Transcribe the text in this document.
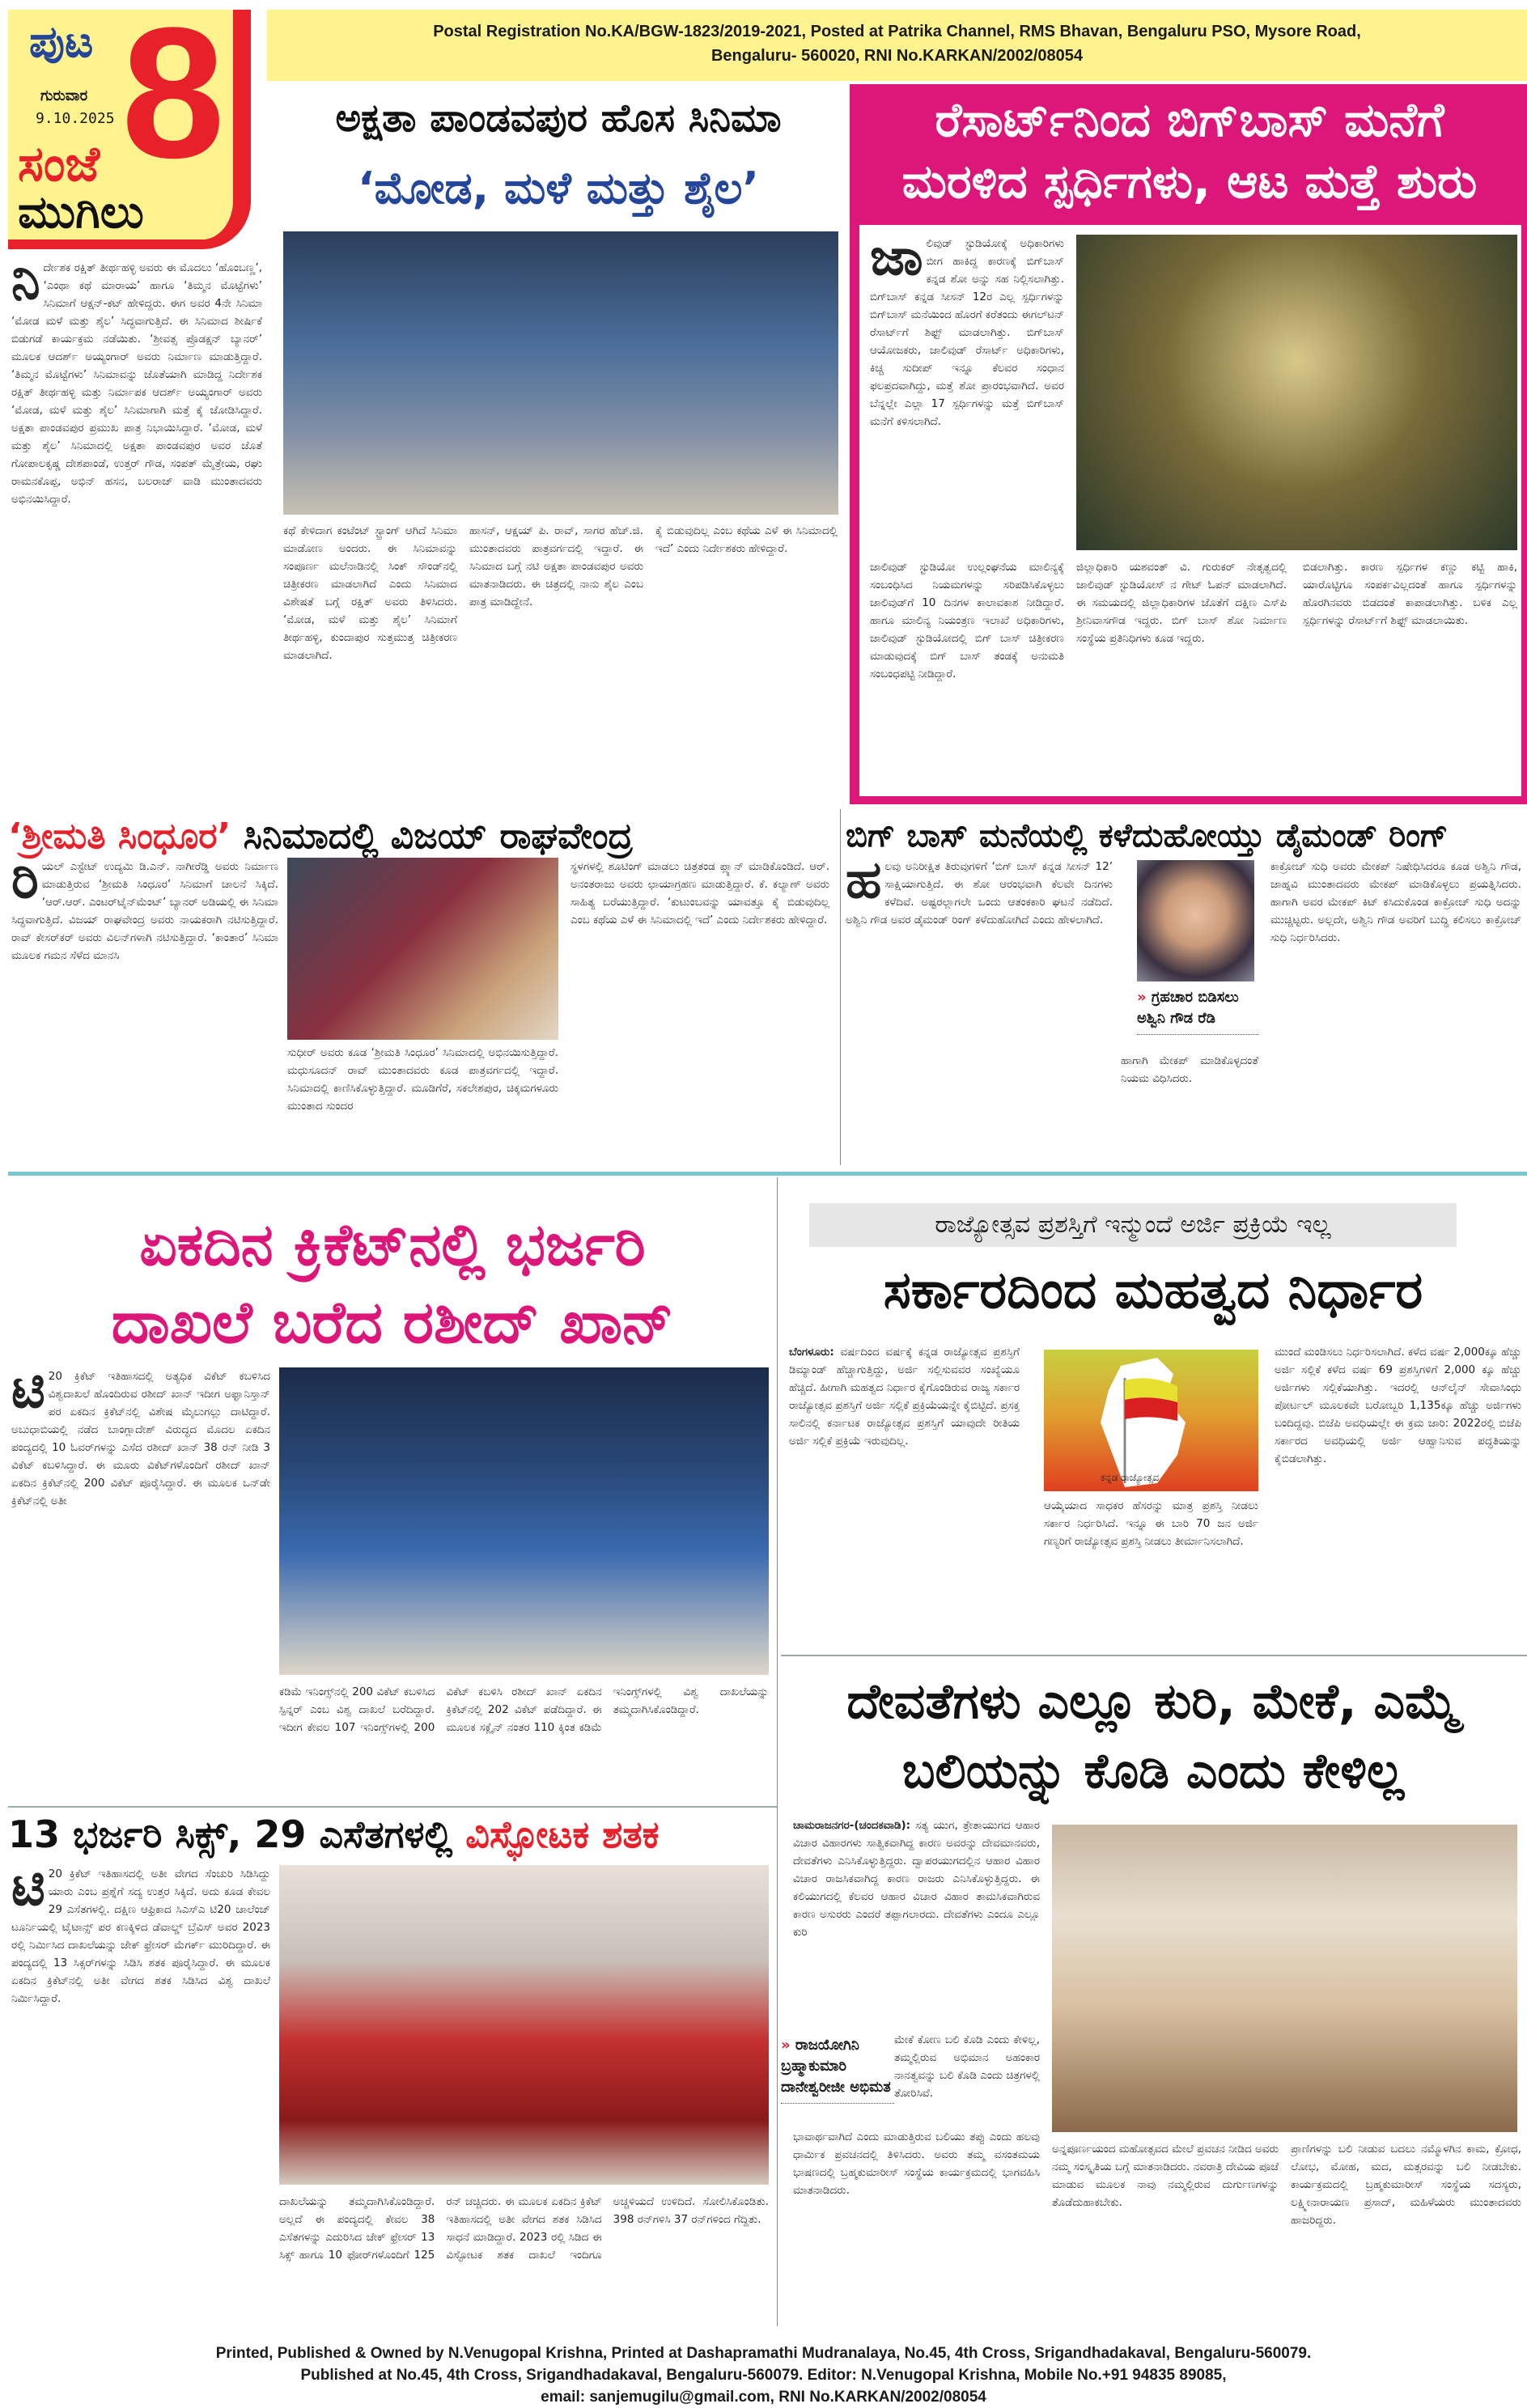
ಪುಟ 8
ಗುರುವಾರ
9.10.2025
ಸಂಜೆ
ಮುಗಿಲು
Postal Registration No.KA/BGW-1823/2019-2021, Posted at Patrika Channel, RMS Bhavan, Bengaluru PSO, Mysore Road,
Bengaluru- 560020, RNI No.KARKAN/2002/08054
ಅಕ್ಷತಾ ಪಾಂಡವಪುರ ಹೊಸ ಸಿನಿಮಾ
‘ಮೋಡ, ಮಳೆ ಮತ್ತು ಶೈಲ’
ನಿ ರ್ದೇಶಕ ರಕ್ಷಿತ್ ತೀರ್ಥಹಳ್ಳಿ ಅವರು ಈ ಮೊದಲು ‘ಹೊಂಬಣ್ಣ’, ‘ಎಂಥಾ ಕಥೆ ಮಾರಾಯ’ ಹಾಗೂ ‘ತಿಮ್ಮನ ಮೊಟ್ಟೆಗಳು’ ಸಿನಿಮಾಗೆ ಆಕ್ಷನ್-ಕಟ್ ಹೇಳಿದ್ದರು. ಈಗ ಅವರ 4ನೇ ಸಿನಿಮಾ ‘ಮೋಡ ಮಳೆ ಮತ್ತು ಶೈಲ’ ಸಿದ್ಧವಾಗುತ್ತಿದೆ. ಈ ಸಿನಿಮಾದ ಶೀರ್ಷಿಕೆ ಬಿಡುಗಡೆ ಕಾರ್ಯಕ್ರಮ ನಡೆಯಿತು. ‘ಶ್ರೀವತ್ಸ ಪ್ರೊಡಕ್ಷನ್ ಬ್ಯಾನರ್’ ಮೂಲಕ ಆದರ್ಶ್ ಅಯ್ಯಂಗಾರ್ ಅವರು ನಿರ್ಮಾಣ ಮಾಡುತ್ತಿದ್ದಾರೆ. ‘ತಿಮ್ಮನ ಮೊಟ್ಟೆಗಳು’ ಸಿನಿಮಾವನ್ನು ಜೊತೆಯಾಗಿ ಮಾಡಿದ್ದ ನಿರ್ದೇಶಕ ರಕ್ಷಿತ್ ತೀರ್ಥಹಳ್ಳಿ ಮತ್ತು ನಿರ್ಮಾಪಕ ಆದರ್ಶ್ ಅಯ್ಯಂಗಾರ್ ಅವರು ‘ಮೋಡ, ಮಳೆ ಮತ್ತು ಶೈಲ’ ಸಿನಿಮಾಗಾಗಿ ಮತ್ತೆ ಕೈ ಜೋಡಿಸಿದ್ದಾರೆ. ಅಕ್ಷತಾ ಪಾಂಡವಪುರ ಪ್ರಮುಖ ಪಾತ್ರ ನಿಭಾಯಿಸಿದ್ದಾರೆ. ‘ಮೋಡ, ಮಳೆ ಮತ್ತು ಶೈಲ’ ಸಿನಿಮಾದಲ್ಲಿ ಅಕ್ಷತಾ ಪಾಂಡವಪುರ ಅವರ ಜೊತೆ ಗೋಪಾಲಕೃಷ್ಣ ದೇಶಪಾಂಡೆ, ಉತ್ತರ್ ಗೌಡ, ಸಂಪತ್ ಮೈತ್ರೇಯ, ರಘು ರಾಮನಕೊಪ್ಪ, ಅಭಿನ್ ಹಸನ, ಬಲರಾಜ್ ವಾಡಿ ಮುಂತಾದವರು ಅಭಿನಯಿಸಿದ್ದಾರೆ.
ಕಥೆ ಕೇಳಿದಾಗ ಕಂಟೆಂಟ್ ಸ್ಟ್ರಾಂಗ್ ಆಗಿದೆ ಸಿನಿಮಾ ಮಾಡೋಣ ಅಂದರು. ಈ ಸಿನಿಮಾವನ್ನು ಸಂಪೂರ್ಣ ಮಲೆನಾಡಿನಲ್ಲಿ ಸಿಂಕ್ ಸೌಂಡ್‌ನಲ್ಲಿ ಚಿತ್ರೀಕರಣ ಮಾಡಲಾಗಿದೆ ಎಂದು ಸಿನಿಮಾದ ವಿಶೇಷತೆ ಬಗ್ಗೆ ರಕ್ಷಿತ್ ಅವರು ತಿಳಿಸಿದರು. ‘ಮೋಡ, ಮಳೆ ಮತ್ತು ಶೈಲ’ ಸಿನಿಮಾಗೆ ತೀರ್ಥಹಳ್ಳಿ, ಕುಂದಾಪುರ ಸುತ್ತಮುತ್ತ ಚಿತ್ರೀಕರಣ ಮಾಡಲಾಗಿದೆ.
ಹಾಸನ್, ಆಕ್ಷಯ್ ಪಿ. ರಾವ್, ಸಾಗರ ಹೆಚ್.ಜಿ. ಮುಂತಾದವರು ಪಾತ್ರವರ್ಗದಲ್ಲಿ ಇದ್ದಾರೆ. ಈ ಸಿನಿಮಾದ ಬಗ್ಗೆ ನಟಿ ಅಕ್ಷತಾ ಪಾಂಡವಪುರ ಅವರು ಮಾತನಾಡಿದರು. ಈ ಚಿತ್ರದಲ್ಲಿ ನಾನು ಶೈಲ ಎಂಬ ಪಾತ್ರ ಮಾಡಿದ್ದೇನೆ.
ಕೈ ಬಿಡುವುದಿಲ್ಲ ಎಂಬ ಕಥೆಯ ಎಳೆ ಈ ಸಿನಿಮಾದಲ್ಲಿ ಇದೆ’ ಎಂದು ನಿರ್ದೇಶಕರು ಹೇಳಿದ್ದಾರೆ.
ರೆಸಾರ್ಟ್‌ನಿಂದ ಬಿಗ್‌ಬಾಸ್ ಮನೆಗೆ
ಮರಳಿದ ಸ್ಪರ್ಧಿಗಳು, ಆಟ ಮತ್ತೆ ಶುರು
ಜಾ ಲಿವುಡ್ ಸ್ಟುಡಿಯೋಕ್ಕೆ ಅಧಿಕಾರಿಗಳು ಬೀಗ ಹಾಕಿದ್ದ ಕಾರಣಕ್ಕೆ ಬಿಗ್‌ಬಾಸ್ ಕನ್ನಡ ಶೋ ಅನ್ನು ಸಹ ನಿಲ್ಲಿಸಲಾಗಿತ್ತು. ಬಿಗ್‌ಬಾಸ್ ಕನ್ನಡ ಸೀಸನ್ 12ರ ಎಲ್ಲ ಸ್ಪರ್ಧಿಗಳನ್ನು ಬಿಗ್‌ಬಾಸ್ ಮನೆಯಿಂದ ಹೊರಗೆ ಕರೆತಂದು ಈಗಲ್‌ಟನ್ ರೆಸಾರ್ಟ್‌ಗೆ ಶಿಫ್ಟ್ ಮಾಡಲಾಗಿತ್ತು. ಬಿಗ್‌ಬಾಸ್ ಆಯೋಜಕರು, ಜಾಲಿವುಡ್ ರೆಸಾರ್ಟ್ ಅಧಿಕಾರಿಗಳು, ಕಿಚ್ಚ ಸುದೀಪ್ ಇನ್ನೂ ಕೆಲವರ ಸಂಧಾನ ಫಲಪ್ರದವಾಗಿದ್ದು, ಮತ್ತೆ ಶೋ ಪ್ರಾರಂಭವಾಗಿದೆ. ಅವರ ಬೆನ್ನಲ್ಲೇ ಎಲ್ಲಾ 17 ಸ್ಪರ್ಧಿಗಳನ್ನು ಮತ್ತೆ ಬಿಗ್‌ಬಾಸ್ ಮನೆಗೆ ಕಳಿಸಲಾಗಿದೆ.
ಜಾಲಿವುಡ್ ಸ್ಟುಡಿಯೋ ಉಲ್ಲಂಘನೆಯ ಮಾಲಿನ್ಯಕ್ಕೆ ಸಂಬಂಧಿಸಿದ ನಿಯಮಗಳನ್ನು ಸರಿಪಡಿಸಿಕೊಳ್ಳಲು ಜಾಲಿವುಡ್‌ಗೆ 10 ದಿನಗಳ ಕಾಲಾವಕಾಶ ನೀಡಿದ್ದಾರೆ. ಹಾಗೂ ಮಾಲಿನ್ಯ ನಿಯಂತ್ರಣ ಇಲಾಖೆ ಅಧಿಕಾರಿಗಳು, ಜಾಲಿವುಡ್ ಸ್ಟುಡಿಯೋದಲ್ಲಿ ಬಿಗ್ ಬಾಸ್ ಚಿತ್ರೀಕರಣ ಮಾಡುವುದಕ್ಕೆ ಬಿಗ್ ಬಾಸ್ ತಂಡಕ್ಕೆ ಅನುಮತಿ ಸಂಬಂಧಪಟ್ಟಿ ನೀಡಿದ್ದಾರೆ.
ಜಿಲ್ಲಾಧಿಕಾರಿ ಯಶವಂತ್ ವಿ. ಗುರುಕರ್ ನೇತೃತ್ವದಲ್ಲಿ ಜಾಲಿವುಡ್ ಸ್ಟುಡಿಯೋಸ್ ನ ಗೇಟ್ ಓಪನ್ ಮಾಡಲಾಗಿದೆ. ಈ ಸಮಯದಲ್ಲಿ ಜಿಲ್ಲಾಧಿಕಾರಿಗಳ ಜೊತೆಗೆ ದಕ್ಷಿಣ ಎಸ್‌ಪಿ ಶ್ರೀನಿವಾಸಗೌಡ ಇದ್ದರು. ಬಿಗ್ ಬಾಸ್ ಶೋ ನಿರ್ಮಾಣ ಸಂಸ್ಥೆಯ ಪ್ರತಿನಿಧಿಗಳು ಕೂಡ ಇದ್ದರು.
ಬಿಡಲಾಗಿತ್ತು. ಕಾರಣ ಸ್ಪರ್ಧಿಗಳ ಕಣ್ಣು ಕಟ್ಟಿ ಹಾಕಿ, ಯಾರೊಟ್ಟಿಗೂ ಸಂಪರ್ಕವಿಲ್ಲದಂತೆ ಹಾಗೂ ಸ್ಪರ್ಧಿಗಳನ್ನು ಹೊರಗಿನವರು ಬಿಡದಂತೆ ಕಾಪಾಡಲಾಗಿತ್ತು. ಬಳಿಕ ಎಲ್ಲ ಸ್ಪರ್ಧಿಗಳನ್ನು ರೆಸಾರ್ಟ್‌ಗೆ ಶಿಫ್ಟ್ ಮಾಡಲಾಯಿತು.
‘ಶ್ರೀಮತಿ ಸಿಂಧೂರ’ ಸಿನಿಮಾದಲ್ಲಿ ವಿಜಯ್ ರಾಘವೇಂದ್ರ
ರಿ ಯಲ್ ಎಸ್ಟೇಟ್ ಉದ್ಯಮಿ ಡಿ.ಎನ್. ನಾಗೀರೆಡ್ಡಿ ಅವರು ನಿರ್ಮಾಣ ಮಾಡುತ್ತಿರುವ ‘ಶ್ರೀಮತಿ ಸಿಂಧೂರ’ ಸಿನಿಮಾಗೆ ಚಾಲನೆ ಸಿಕ್ಕಿದೆ. ‘ಆರ್.ಆರ್. ಎಂಟರ್‌ಟೈನ್‌ಮೆಂಟ್’ ಬ್ಯಾನರ್ ಅಡಿಯಲ್ಲಿ ಈ ಸಿನಿಮಾ ಸಿದ್ಧವಾಗುತ್ತಿದೆ. ವಿಜಯ್ ರಾಘವೇಂದ್ರ ಅವರು ನಾಯಕರಾಗಿ ನಟಿಸುತ್ತಿದ್ದಾರೆ. ರಾವ್ ಕೇಸರ್‌ಕರ್ ಅವರು ವಿಲನ್‌ಗಳಾಗಿ ನಟಿಸುತ್ತಿದ್ದಾರೆ. ‘ಕಾಂತಾರ’ ಸಿನಿಮಾ ಮೂಲಕ ಗಮನ ಸೆಳೆದ ಮಾನಸಿ
ಸುಧೀರ್ ಅವರು ಕೂಡ ‘ಶ್ರೀಮತಿ ಸಿಂಧೂರ’ ಸಿನಿಮಾದಲ್ಲಿ ಅಭಿನಯಿಸುತ್ತಿದ್ದಾರೆ. ಮಧುಸೂದನ್ ರಾವ್ ಮುಂತಾದವರು ಕೂಡ ಪಾತ್ರವರ್ಗದಲ್ಲಿ ಇದ್ದಾರೆ. ಸಿನಿಮಾದಲ್ಲಿ ಕಾಣಿಸಿಕೊಳ್ಳುತ್ತಿದ್ದಾರೆ. ಮೂಡಿಗೆರೆ, ಸಕಲೇಶಪುರ, ಚಿಕ್ಕಮಗಳೂರು ಮುಂತಾದ ಸುಂದರ
ಸ್ಥಳಗಳಲ್ಲಿ ಶೂಟಿಂಗ್ ಮಾಡಲು ಚಿತ್ರತಂಡ ಪ್ಲ್ಯಾನ್ ಮಾಡಿಕೊಂಡಿದೆ. ಆರ್. ಅನಂತರಾಜು ಅವರು ಛಾಯಾಗ್ರಹಣ ಮಾಡುತ್ತಿದ್ದಾರೆ. ಕೆ. ಕಲ್ಯಾಣ್ ಅವರು ಸಾಹಿತ್ಯ ಬರೆಯುತ್ತಿದ್ದಾರೆ. ‘ಕುಟುಂಬವನ್ನು ಯಾವತ್ತೂ ಕೈ ಬಿಡುವುದಿಲ್ಲ ಎಂಬ ಕಥೆಯ ಎಳೆ ಈ ಸಿನಿಮಾದಲ್ಲಿ ಇದೆ’ ಎಂದು ನಿರ್ದೇಶಕರು ಹೇಳಿದ್ದಾರೆ.
ಬಿಗ್ ಬಾಸ್ ಮನೆಯಲ್ಲಿ ಕಳೆದುಹೋಯ್ತು ಡೈಮಂಡ್ ರಿಂಗ್
ಹ ಲವು ಅನಿರೀಕ್ಷಿತ ತಿರುವುಗಳಿಗೆ ‘ಬಿಗ್ ಬಾಸ್ ಕನ್ನಡ ಸೀಸನ್ 12’ ಸಾಕ್ಷಿಯಾಗುತ್ತಿದೆ. ಈ ಶೋ ಆರಂಭವಾಗಿ ಕೆಲವೇ ದಿನಗಳು ಕಳೆದಿವೆ. ಅಷ್ಟರಲ್ಲಾಗಲೇ ಒಂದು ಆತಂಕಕಾರಿ ಘಟನೆ ನಡೆದಿದೆ. ಅಶ್ವಿನಿ ಗೌಡ ಅವರ ಡೈಮಂಡ್ ರಿಂಗ್ ಕಳೆದುಹೋಗಿದೆ ಎಂದು ಹೇಳಲಾಗಿದೆ.
» ಗ್ರಹಚಾರ ಬಿಡಿಸಲು ಅಶ್ವಿನಿ ಗೌಡ ರೆಡಿ
ಹಾಗಾಗಿ ಮೇಕಪ್ ಮಾಡಿಕೊಳ್ಳದಂತೆ ನಿಯಮ ವಿಧಿಸಿದರು.
ಕಾಕ್ರೋಚ್ ಸುಧಿ ಅವರು ಮೇಕಪ್ ನಿಷೇಧಿಸಿದರೂ ಕೂಡ ಅಶ್ವಿನಿ ಗೌಡ, ಜಾಹ್ನವಿ ಮುಂತಾದವರು ಮೇಕಪ್ ಮಾಡಿಕೊಳ್ಳಲು ಪ್ರಯತ್ನಿಸಿದರು. ಹಾಗಾಗಿ ಅವರ ಮೇಕಪ್ ಕಿಟ್ ಕಸಿದುಕೊಂಡ ಕಾಕ್ರೋಚ್ ಸುಧಿ ಅದನ್ನು ಮುಚ್ಚಿಟ್ಟರು. ಅಲ್ಲದೇ, ಅಶ್ವಿನಿ ಗೌಡ ಅವರಿಗೆ ಬುದ್ಧಿ ಕಲಿಸಲು ಕಾಕ್ರೋಚ್ ಸುಧಿ ನಿರ್ಧರಿಸಿದರು.
ಏಕದಿನ ಕ್ರಿಕೆಟ್‌ನಲ್ಲಿ ಭರ್ಜರಿ
ದಾಖಲೆ ಬರೆದ ರಶೀದ್ ಖಾನ್
ಟಿ 20 ಕ್ರಿಕೆಟ್ ಇತಿಹಾಸದಲ್ಲಿ ಅತ್ಯಧಿಕ ವಿಕೆಟ್ ಕಬಳಿಸಿದ ವಿಶ್ವದಾಖಲೆ ಹೊಂದಿರುವ ರಶೀದ್ ಖಾನ್ ಇದೀಗ ಅಫ್ಘಾನಿಸ್ತಾನ್ ಪರ ಏಕದಿನ ಕ್ರಿಕೆಟ್‌ನಲ್ಲಿ ವಿಶೇಷ ಮೈಲುಗಲ್ಲು ದಾಟಿದ್ದಾರೆ. ಅಬುಧಾಬಿಯಲ್ಲಿ ನಡೆದ ಬಾಂಗ್ಲಾದೇಶ್ ವಿರುದ್ಧದ ಮೊದಲ ಏಕದಿನ ಪಂದ್ಯದಲ್ಲಿ 10 ಓವರ್‌ಗಳನ್ನು ಎಸೆದ ರಶೀದ್ ಖಾನ್ 38 ರನ್ ನೀಡಿ 3 ವಿಕೆಟ್ ಕಬಳಿಸಿದ್ದಾರೆ. ಈ ಮೂರು ವಿಕೆಟ್‌ಗಳೊಂದಿಗೆ ರಶೀದ್ ಖಾನ್ ಏಕದಿನ ಕ್ರಿಕೆಟ್‌ನಲ್ಲಿ 200 ವಿಕೆಟ್ ಪೂರೈಸಿದ್ದಾರೆ. ಈ ಮೂಲಕ ಒನ್‌ಡೇ ಕ್ರಿಕೆಟ್‌ನಲ್ಲಿ ಅತೀ
ಕಡಿಮೆ ಇನಿಂಗ್ಸ್‌ನಲ್ಲಿ 200 ವಿಕೆಟ್ ಕಬಳಿಸಿದ ಸ್ಪಿನ್ನರ್ ಎಂಬ ವಿಶ್ವ ದಾಖಲೆ ಬರೆದಿದ್ದಾರೆ. ಇದೀಗ ಕೇವಲ 107 ಇನಿಂಗ್ಸ್‌ಗಳಲ್ಲಿ 200 ವಿಕೆಟ್ ಕಬಳಿಸಿ ರಶೀದ್ ಖಾನ್ ಏಕದಿನ ಕ್ರಿಕೆಟ್‌ನಲ್ಲಿ 202 ವಿಕೆಟ್ ಪಡೆದಿದ್ದಾರೆ. ಈ ಮೂಲಕ ಸಕ್ಲೈನ್ ನಂತರ 110 ಕ್ಕಿಂತ ಕಡಿಮೆ ಇನಿಂಗ್ಸ್‌ಗಳಲ್ಲಿ ವಿಶ್ವ ದಾಖಲೆಯನ್ನು ತಮ್ಮದಾಗಿಸಿಕೊಂಡಿದ್ದಾರೆ.
ರಾಜ್ಯೋತ್ಸವ ಪ್ರಶಸ್ತಿಗೆ ಇನ್ಮುಂದೆ ಅರ್ಜಿ ಪ್ರಕ್ರಿಯೆ ಇಲ್ಲ
ಸರ್ಕಾರದಿಂದ ಮಹತ್ವದ ನಿರ್ಧಾರ
ಬೆಂಗಳೂರು: ವರ್ಷದಿಂದ ವರ್ಷಕ್ಕೆ ಕನ್ನಡ ರಾಜ್ಯೋತ್ಸವ ಪ್ರಶಸ್ತಿಗೆ ಡಿಮ್ಯಾಂಡ್ ಹೆಚ್ಚಾಗುತ್ತಿದ್ದು, ಅರ್ಜಿ ಸಲ್ಲಿಸುವವರ ಸಂಖ್ಯೆಯೂ ಹೆಚ್ಚಿದೆ. ಹೀಗಾಗಿ ಮಹತ್ವದ ನಿರ್ಧಾರ ಕೈಗೊಂಡಿರುವ ರಾಜ್ಯ ಸರ್ಕಾರ ರಾಜ್ಯೋತ್ಸವ ಪ್ರಶಸ್ತಿಗೆ ಅರ್ಜಿ ಸಲ್ಲಿಕೆ ಪ್ರಕ್ರಿಯೆಯನ್ನೇ ಕೈಬಿಟ್ಟಿದೆ. ಪ್ರಸಕ್ತ ಸಾಲಿನಲ್ಲಿ ಕರ್ನಾಟಕ ರಾಜ್ಯೋತ್ಸವ ಪ್ರಶಸ್ತಿಗೆ ಯಾವುದೇ ರೀತಿಯ ಅರ್ಜಿ ಸಲ್ಲಿಕೆ ಪ್ರಕ್ರಿಯೆ ಇರುವುದಿಲ್ಲ.
ಕನ್ನಡ ರಾಜ್ಯೋತ್ಸವ
ಆಯ್ಕೆಯಾದ ಸಾಧಕರ ಹೆಸರನ್ನು ಮಾತ್ರ ಪ್ರಶಸ್ತಿ ನೀಡಲು ಸರ್ಕಾರ ನಿರ್ಧರಿಸಿದೆ. ಇನ್ನೂ ಈ ಬಾರಿ 70 ಜನ ಅರ್ಜಿ ಗಣ್ಯರಿಗೆ ರಾಜ್ಯೋತ್ಸವ ಪ್ರಶಸ್ತಿ ನೀಡಲು ತೀರ್ಮಾನಿಸಲಾಗಿದೆ.
ಮುಂದೆ ಮಂಡಿಸಲು ನಿರ್ಧರಿಸಲಾಗಿದೆ. ಕಳೆದ ವರ್ಷ 2,000ಕ್ಕೂ ಹೆಚ್ಚು ಅರ್ಜಿ ಸಲ್ಲಿಕೆ ಕಳೆದ ವರ್ಷ 69 ಪ್ರಶಸ್ತಿಗಳಿಗೆ 2,000 ಕ್ಕೂ ಹೆಚ್ಚು ಅರ್ಜಿಗಳು ಸಲ್ಲಿಕೆಯಾಗಿತ್ತು. ಇದರಲ್ಲಿ ಆನ್‌ಲೈನ್ ಸೇವಾಸಿಂಧು ಪೋರ್ಟಲ್ ಮೂಲಕವೇ ಬರೋಬ್ಬರಿ 1,135ಕ್ಕೂ ಹೆಚ್ಚು ಅರ್ಜಿಗಳು ಬಂದಿದ್ದವು. ಬಿಜೆಪಿ ಅವಧಿಯಲ್ಲೇ ಈ ಕ್ರಮ ಜಾರಿ: 2022ರಲ್ಲಿ ಬಿಜೆಪಿ ಸರ್ಕಾರದ ಅವಧಿಯಲ್ಲಿ ಅರ್ಜಿ ಆಹ್ವಾನಿಸುವ ಪದ್ಧತಿಯನ್ನು ಕೈಬಿಡಲಾಗಿತ್ತು.
ದೇವತೆಗಳು ಎಲ್ಲೂ ಕುರಿ, ಮೇಕೆ, ಎಮ್ಮೆ
ಬಲಿಯನ್ನು ಕೊಡಿ ಎಂದು ಕೇಳಿಲ್ಲ
ಚಾಮರಾಜನಗರ-(ಚಂದಕವಾಡಿ): ಸತ್ಯ ಯುಗ, ತ್ರೇತಾಯುಗದ ಆಹಾರ ವಿಚಾರ ವಿಹಾರಗಳು ಸಾತ್ವಿಕವಾಗಿದ್ದ ಕಾರಣ ಅವರನ್ನು ದೇವಮಾನವರು, ದೇವತೆಗಳು ಎನಿಸಿಕೊಳ್ಳುತ್ತಿದ್ದರು. ದ್ವಾಪರಯುಗದಲ್ಲಿನ ಆಹಾರ ವಿಹಾರ ವಿಚಾರ ರಾಜಸಿಕವಾಗಿದ್ದ ಕಾರಣ ರಾಜರು ಎನಿಸಿಕೊಳ್ಳುತ್ತಿದ್ದರು. ಈ ಕಲಿಯುಗದಲ್ಲಿ ಕೆಲವರ ಆಹಾರ ವಿಚಾರ ವಿಹಾರ ತಾಮಸಿಕವಾಗಿರುವ ಕಾರಣ ಅಸುರರು ಎಂದರೆ ತಪ್ಪಾಗಲಾರದು. ದೇವತೆಗಳು ಎಂದೂ ಎಲ್ಲೂ ಕುರಿ
» ರಾಜಯೋಗಿನಿ ಬ್ರಹ್ಮಾಕುಮಾರಿ ದಾನೇಶ್ವರೀಜೀ ಅಭಿಮತ
ಮೇಕೆ ಕೋಣ ಬಲಿ ಕೊಡಿ ಎಂದು ಕೇಳಿಲ್ಲ, ತಮ್ಮಲ್ಲಿರುವ ಅಭಿಮಾನ ಅಹಂಕಾರ ನಾನತ್ವವನ್ನು ಬಲಿ ಕೊಡಿ ಎಂದು ಚಿತ್ರಗಳಲ್ಲಿ ತೋರಿಸಿವೆ.
ಭಾವಾರ್ಥವಾಗಿದೆ ಎಂದು ಮಾಡುತ್ತಿರುವ ಬಲಿಯು ತಪ್ಪು ಎಂದು ಹಲವು ಧಾರ್ಮಿಕ ಪ್ರವಚನದಲ್ಲಿ ತಿಳಿಸಿದರು. ಅವರು ತಮ್ಮ ವಸಂತಮಯ ಭಾಷಣದಲ್ಲಿ ಬ್ರಹ್ಮಕುಮಾರೀಸ್ ಸಂಸ್ಥೆಯ ಕಾರ್ಯಕ್ರಮದಲ್ಲಿ ಭಾಗವಹಿಸಿ ಮಾತನಾಡಿದರು.
ಅನ್ನಪೂರ್ಣಯಂದ ಮಹೋತ್ಸವದ ಮೇಲೆ ಪ್ರವಚನ ನೀಡಿದ ಅವರು ನಮ್ಮ ಸಂಸ್ಕೃತಿಯ ಬಗ್ಗೆ ಮಾತನಾಡಿದರು. ನವರಾತ್ರಿ ದೇವಿಯ ಪೂಜೆ ಮಾಡುವ ಮೂಲಕ ನಾವು ನಮ್ಮಲ್ಲಿರುವ ದುರ್ಗುಣಗಳನ್ನು ತೊಡೆದುಹಾಕಬೇಕು.
ಪ್ರಾಣಿಗಳನ್ನು ಬಲಿ ನೀಡುವ ಬದಲು ನಮ್ಮೊಳಗಿನ ಕಾಮ, ಕ್ರೋಧ, ಲೋಭ, ಮೋಹ, ಮದ, ಮತ್ಸರವನ್ನು ಬಲಿ ನೀಡಬೇಕು. ಕಾರ್ಯಕ್ರಮದಲ್ಲಿ ಬ್ರಹ್ಮಕುಮಾರೀಸ್ ಸಂಸ್ಥೆಯ ಸದಸ್ಯರು, ಲಕ್ಷ್ಮೀನಾರಾಯಣ ಪ್ರಸಾದ್, ಮಹಿಳೆಯರು ಮುಂತಾದವರು ಹಾಜರಿದ್ದರು.
13 ಭರ್ಜರಿ ಸಿಕ್ಸ್, 29 ಎಸೆತಗಳಲ್ಲಿ ವಿಸ್ಫೋಟಕ ಶತಕ
ಟಿ 20 ಕ್ರಿಕೆಟ್ ಇತಿಹಾಸದಲ್ಲಿ ಅತೀ ವೇಗದ ಸೆಂಚುರಿ ಸಿಡಿಸಿದ್ದು ಯಾರು ಎಂಬ ಪ್ರಶ್ನೆಗೆ ಸದ್ಯ ಉತ್ತರ ಸಿಕ್ಕಿದೆ. ಅದು ಕೂಡ ಕೇವಲ 29 ಎಸೆತಗಳಲ್ಲಿ. ದಕ್ಷಿಣ ಆಫ್ರಿಕಾದ ಸಿಎಸ್‌ಎ ಟಿ20 ಚಾಲೆಂಜ್ ಟೂರ್ನಿಯಲ್ಲಿ ಟೈಟಾನ್ಸ್ ಪರ ಕಣಕ್ಕಿಳಿದ ಡೆವಾಲ್ಡ್ ಬ್ರೆವಿಸ್ ಅವರ 2023 ರಲ್ಲಿ ನಿರ್ಮಿಸಿದ ದಾಖಲೆಯನ್ನು ಜೇಕ್ ಫ್ರೇಸರ್ ಮೆಗರ್ಕ್ ಮುರಿದಿದ್ದಾರೆ. ಈ ಪಂದ್ಯದಲ್ಲಿ 13 ಸಿಕ್ಸರ್‌ಗಳನ್ನು ಸಿಡಿಸಿ ಶತಕ ಪೂರೈಸಿದ್ದಾರೆ. ಈ ಮೂಲಕ ಏಕದಿನ ಕ್ರಿಕೆಟ್‌ನಲ್ಲಿ ಅತೀ ವೇಗದ ಶತಕ ಸಿಡಿಸಿದ ವಿಶ್ವ ದಾಖಲೆ ನಿರ್ಮಿಸಿದ್ದಾರೆ.
ದಾಖಲೆಯನ್ನು ತಮ್ಮದಾಗಿಸಿಕೊಂಡಿದ್ದಾರೆ. ಅಲ್ಲದೆ ಈ ಪಂದ್ಯದಲ್ಲಿ ಕೇವಲ 38 ಎಸೆತಗಳನ್ನು ಎದುರಿಸಿದ ಜೇಕ್ ಫ್ರೇಸರ್ 13 ಸಿಕ್ಸ್ ಹಾಗೂ 10 ಫೋರ್‌ಗಳೊಂದಿಗೆ 125 ರನ್ ಚಚ್ಚಿದರು. ಈ ಮೂಲಕ ಏಕದಿನ ಕ್ರಿಕೆಟ್ ಇತಿಹಾಸದಲ್ಲಿ ಅತೀ ವೇಗದ ಶತಕ ಸಿಡಿಸಿದ ಸಾಧನೆ ಮಾಡಿದ್ದಾರೆ. 2023 ರಲ್ಲಿ ಸಿಡಿದ ಈ ವಿಸ್ಫೋಟಕ ಶತಕ ದಾಖಲೆ ಇಂದಿಗೂ ಅಚ್ಚಳಿಯದೆ ಉಳಿದಿದೆ. ಸೋಲಿಸಿಕೊಂಡಿತು. 398 ರನ್‌ಗಳಿಸಿ 37 ರನ್‌ಗಳಿಂದ ಗೆದ್ದಿತು.
Printed, Published & Owned by N.Venugopal Krishna, Printed at Dashapramathi Mudranalaya, No.45, 4th Cross, Srigandhadakaval, Bengaluru-560079.
Published at No.45, 4th Cross, Srigandhadakaval, Bengaluru-560079. Editor: N.Venugopal Krishna, Mobile No.+91 94835 89085,
email: sanjemugilu@gmail.com, RNI No.KARKAN/2002/08054
